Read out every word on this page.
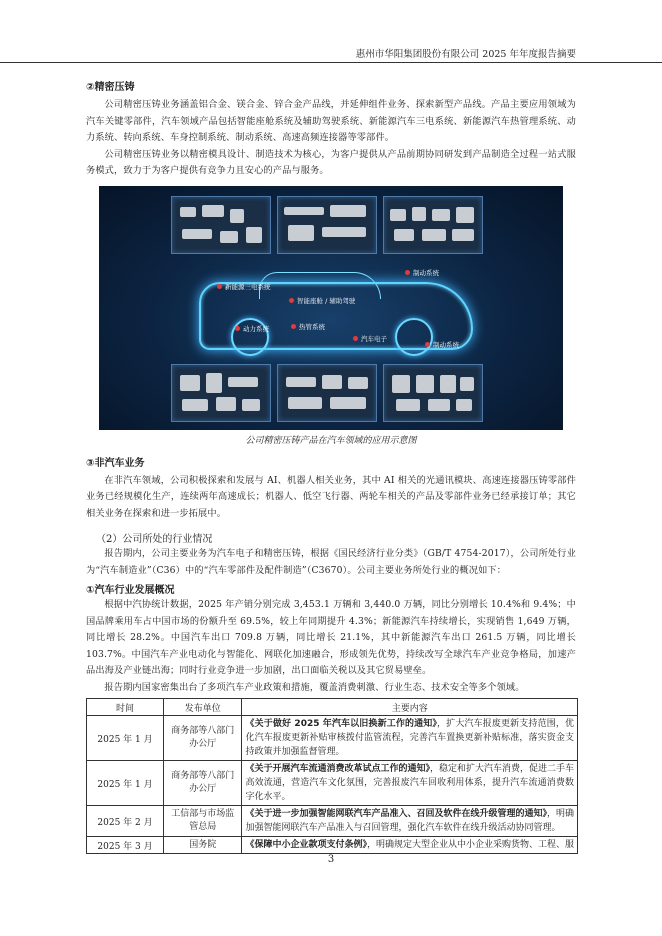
惠州市华阳集团股份有限公司 2025 年年度报告摘要
②精密压铸

公司精密压铸业务涵盖铝合金、镁合金、锌合金产品线，并延伸组件业务、探索新型产品线。产品主要应用领域为汽车关键零部件，汽车领域产品包括智能座舱系统及辅助驾驶系统、新能源汽车三电系统、新能源汽车热管理系统、动力系统、转向系统、车身控制系统、制动系统、高速高频连接器等零部件。

公司精密压铸业务以精密模具设计、制造技术为核心，为客户提供从产品前期协同研发到产品制造全过程一站式服务模式，致力于为客户提供有竞争力且安心的产品与服务。

制动系统
新能源三电系统
智能座舱 / 辅助驾驶
动力系统	热管系统
汽车电子
制动系统
公司精密压铸产品在汽车领域的应用示意图
③非汽车业务

在非汽车领域，公司积极探索和发展与 AI、机器人相关业务，其中 AI 相关的光通讯模块、高速连接器压铸零部件业务已经规模化生产，连续两年高速成长；机器人、低空飞行器、两轮车相关的产品及零部件业务已经承接订单；其它相关业务在探索和进一步拓展中。

（2）公司所处的行业情况

报告期内，公司主要业务为汽车电子和精密压铸，根据《国民经济行业分类》（GB/T 4754-2017），公司所处行业为“汽车制造业”（C36）中的“汽车零部件及配件制造”（C3670）。公司主要业务所处行业的概况如下：

①汽车行业发展概况

根据中汽协统计数据，2025 年产销分别完成 3,453.1 万辆和 3,440.0 万辆，同比分别增长 10.4%和 9.4%；中国品牌乘用车占中国市场的份额升至 69.5%，较上年同期提升 4.3%；新能源汽车持续增长，实现销售 1,649 万辆，同比增长 28.2%。中国汽车出口 709.8 万辆，同比增长 21.1%，其中新能源汽车出口 261.5 万辆，同比增长 103.7%。中国汽车产业电动化与智能化、网联化加速融合，形成领先优势，持续改写全球汽车产业竞争格局，加速产品出海及产业链出海；同时行业竞争进一步加剧，出口面临关税以及其它贸易壁垒。

报告期内国家密集出台了多项汽车产业政策和措施，覆盖消费刺激、行业生态、技术安全等多个领域。

时间	发布单位	主要内容
2025 年 1 月	商务部等八部门办公厅	《关于做好 2025 年汽车以旧换新工作的通知》，扩大汽车报废更新支持范围，优化汽车报废更新补贴审核拨付监管流程，完善汽车置换更新补贴标准，落实资金支持政策并加强监督管理。
2025 年 1 月	商务部等八部门办公厅	《关于开展汽车流通消费改革试点工作的通知》，稳定和扩大汽车消费，促进二手车高效流通，营造汽车文化氛围，完善报废汽车回收利用体系，提升汽车流通消费数字化水平。
2025 年 2 月	工信部与市场监管总局	《关于进一步加强智能网联汽车产品准入、召回及软件在线升级管理的通知》，明确加强智能网联汽车产品准入与召回管理，强化汽车软件在线升级活动协同管理。
2025 年 3 月	国务院	《保障中小企业款项支付条例》，明确规定大型企业从中小企业采购货物、工程、服
3
